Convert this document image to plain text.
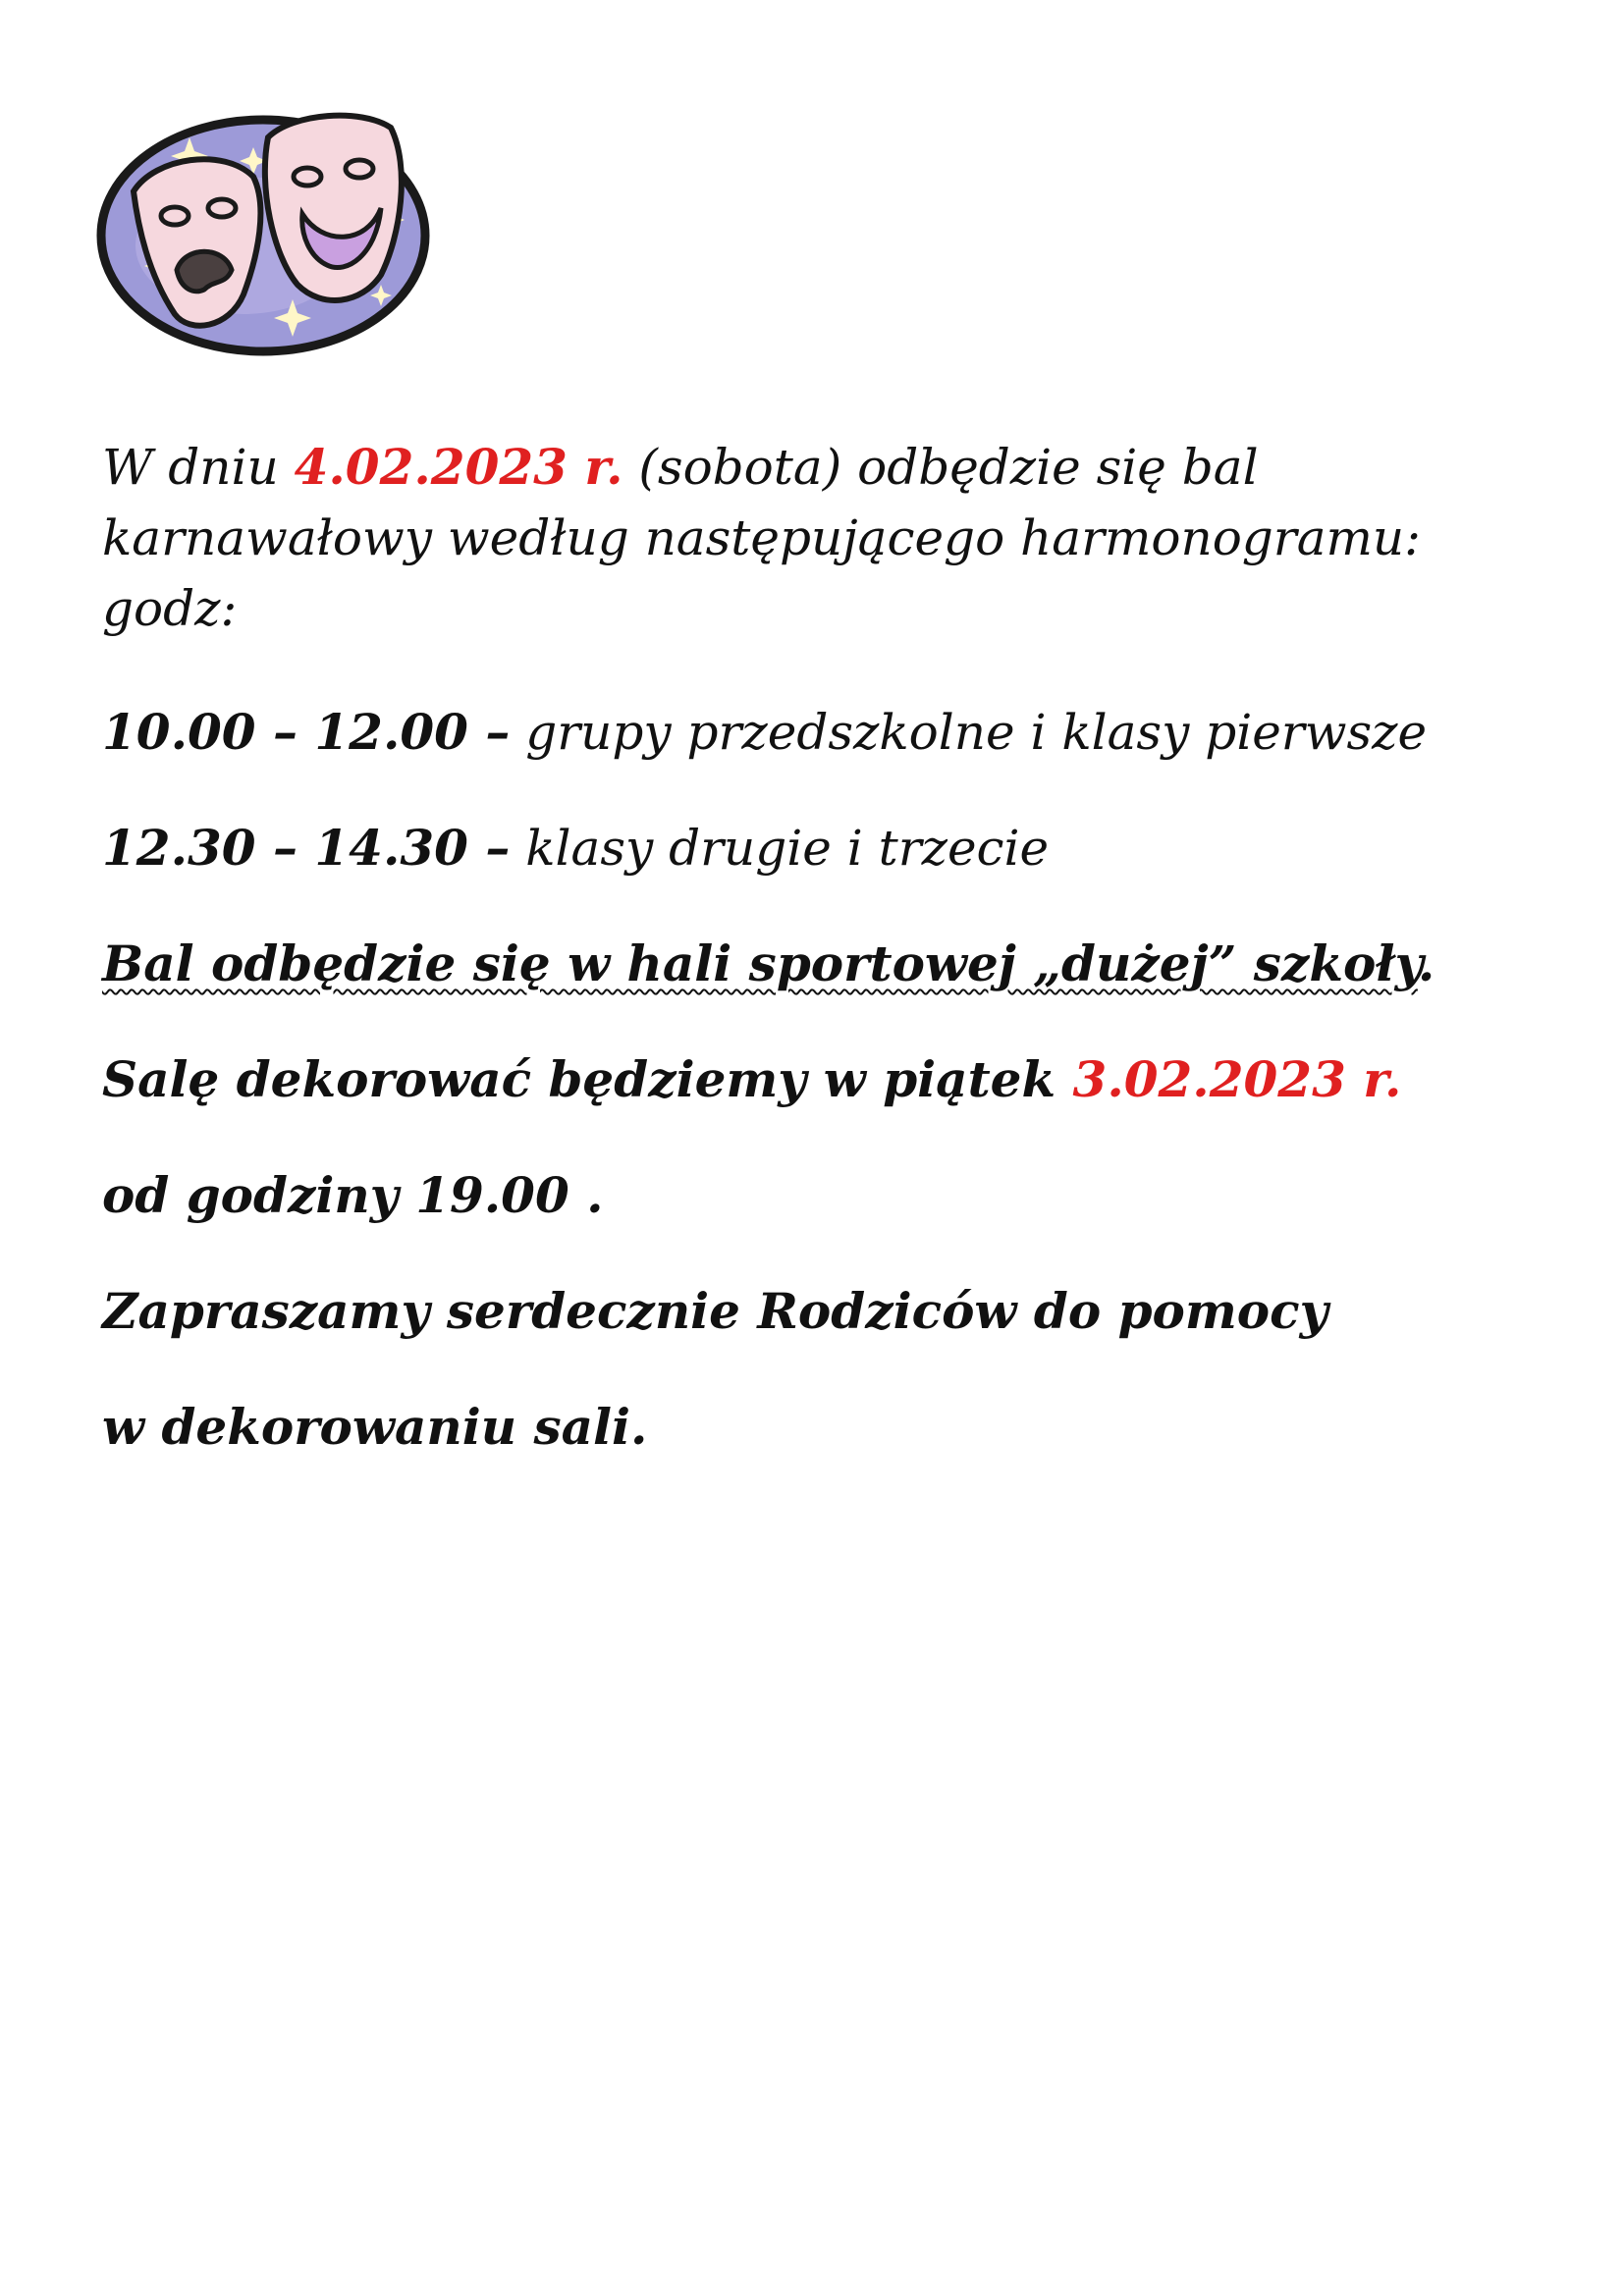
W dniu 4.02.2023 r. (sobota) odbędzie się bal
karnawałowy według następującego harmonogramu:
godz:

10.00 – 12.00 – grupy przedszkolne i klasy pierwsze

12.30 – 14.30 – klasy drugie i trzecie

Bal odbędzie się w hali sportowej „dużej” szkoły.

Salę dekorować będziemy w piątek 3.02.2023 r.

od godziny 19.00 .

Zapraszamy serdecznie Rodziców do pomocy

w dekorowaniu sali.
